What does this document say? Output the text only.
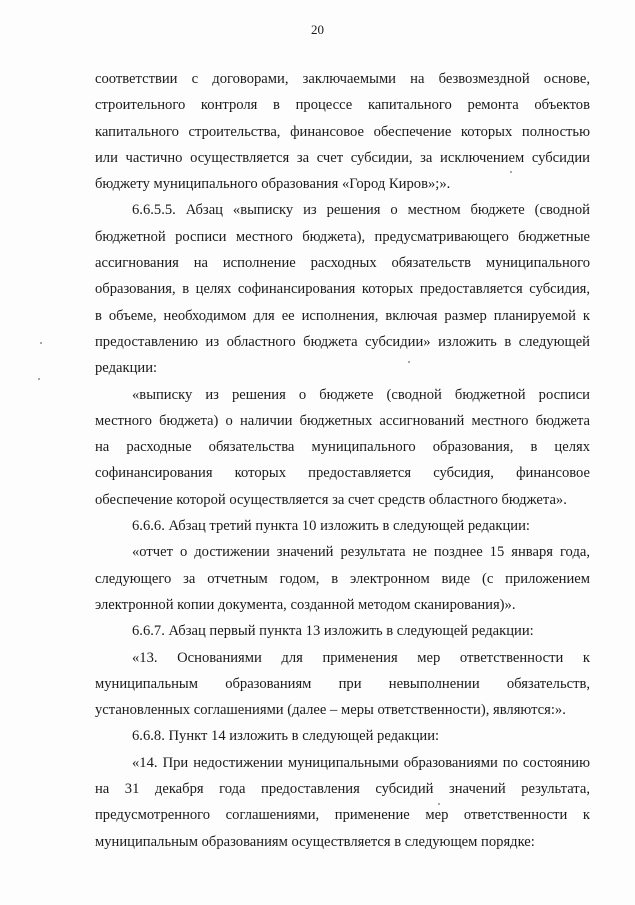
20
соответствии с договорами, заключаемыми на безвозмездной основе,
строительного контроля в процессе капитального ремонта объектов
капитального строительства, финансовое обеспечение которых полностью
или частично осуществляется за счет субсидии, за исключением субсидии
бюджету муниципального образования «Город Киров»;».
6.6.5.5. Абзац «выписку из решения о местном бюджете (сводной
бюджетной росписи местного бюджета), предусматривающего бюджетные
ассигнования на исполнение расходных обязательств муниципального
образования, в целях софинансирования которых предоставляется субсидия,
в объеме, необходимом для ее исполнения, включая размер планируемой к
предоставлению из областного бюджета субсидии» изложить в следующей
редакции:
«выписку из решения о бюджете (сводной бюджетной росписи
местного бюджета) о наличии бюджетных ассигнований местного бюджета
на расходные обязательства муниципального образования, в целях
софинансирования которых предоставляется субсидия, финансовое
обеспечение которой осуществляется за счет средств областного бюджета».
6.6.6. Абзац третий пункта 10 изложить в следующей редакции:
«отчет о достижении значений результата не позднее 15 января года,
следующего за отчетным годом, в электронном виде (с приложением
электронной копии документа, созданной методом сканирования)».
6.6.7. Абзац первый пункта 13 изложить в следующей редакции:
«13. Основаниями для применения мер ответственности к
муниципальным образованиям при невыполнении обязательств,
установленных соглашениями (далее – меры ответственности), являются:».
6.6.8. Пункт 14 изложить в следующей редакции:
«14. При недостижении муниципальными образованиями по состоянию
на 31 декабря года предоставления субсидий значений результата,
предусмотренного соглашениями, применение мер ответственности к
муниципальным образованиям осуществляется в следующем порядке:
